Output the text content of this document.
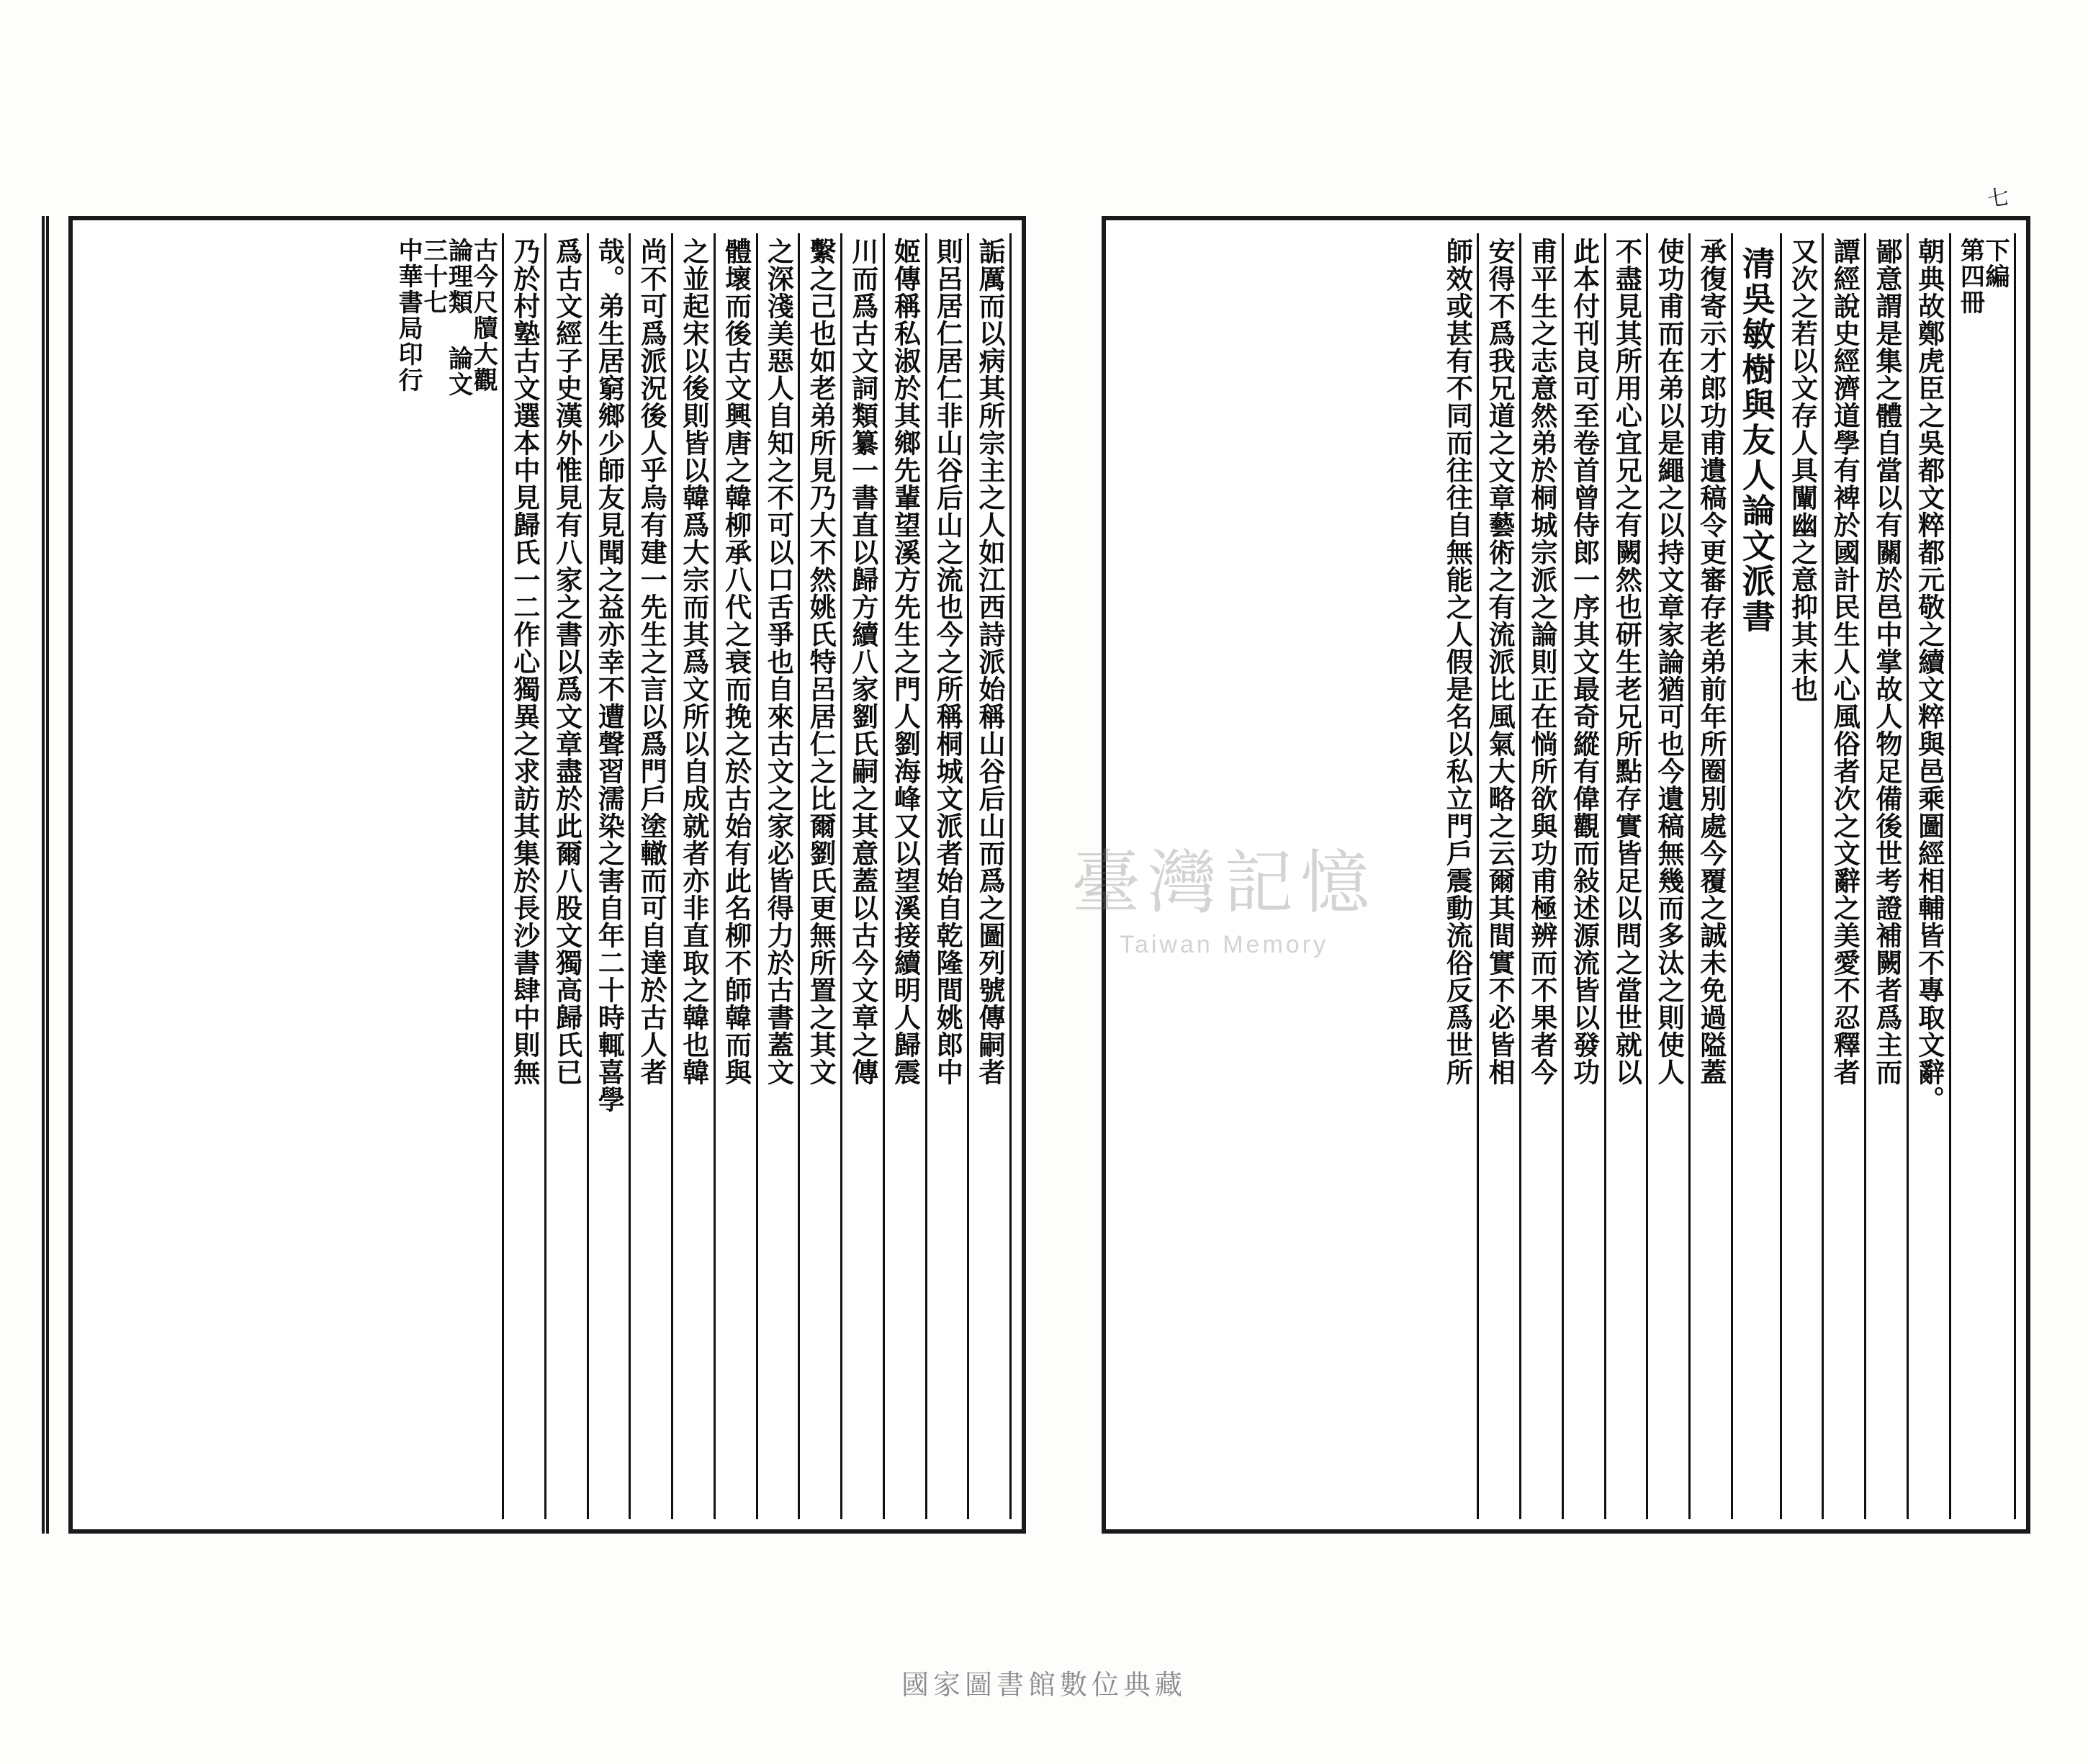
七
下編
第四冊
朝典故鄭虎臣之吳都文粹都元敬之續文粹與邑乘圖經相輔皆不專取文辭。
鄙意謂是集之體自當以有關於邑中掌故人物足備後世考證補闕者爲主而
譚經說史經濟道學有裨於國計民生人心風俗者次之文辭之美愛不忍釋者
又次之若以文存人具闡幽之意抑其末也
清吳敏樹與友人論文派書
承復寄示才郎功甫遺稿令更審存老弟前年所圈別處今覆之誠未免過隘蓋
使功甫而在弟以是繩之以持文章家論猶可也今遺稿無幾而多汰之則使人
不盡見其所用心宜兄之有闕然也研生老兄所點存實皆足以問之當世就以
此本付刊良可至卷首曾侍郎一序其文最奇縱有偉觀而敍述源流皆以發功
甫平生之志意然弟於桐城宗派之論則正在惝所欲與功甫極辨而不果者今
安得不爲我兄道之文章藝術之有流派比風氣大略之云爾其間實不必皆相
師效或甚有不同而往往自無能之人假是名以私立門戶震動流俗反爲世所
詬厲而以病其所宗主之人如江西詩派始稱山谷后山而爲之圖列號傳嗣者
則呂居仁居仁非山谷后山之流也今之所稱桐城文派者始自乾隆間姚郎中
姬傳稱私淑於其鄉先輩望溪方先生之門人劉海峰又以望溪接續明人歸震
川而爲古文詞類纂一書直以歸方續八家劉氏嗣之其意蓋以古今文章之傳
繫之己也如老弟所見乃大不然姚氏特呂居仁之比爾劉氏更無所置之其文
之深淺美惡人自知之不可以口舌爭也自來古文之家必皆得力於古書蓋文
體壞而後古文興唐之韓柳承八代之衰而挽之於古始有此名柳不師韓而與
之並起宋以後則皆以韓爲大宗而其爲文所以自成就者亦非直取之韓也韓
尚不可爲派況後人乎烏有建一先生之言以爲門戶塗轍而可自達於古人者
哉。弟生居窮鄉少師友見聞之益亦幸不遭聲習濡染之害自年二十時輒喜學
爲古文經子史漢外惟見有八家之書以爲文章盡於此爾八股文獨高歸氏已
乃於村塾古文選本中見歸氏一二作心獨異之求訪其集於長沙書肆中則無
古今尺牘大觀
論理類 論文
三十七
中華書局印行
臺灣記憶
Taiwan Memory
國家圖書館數位典藏
